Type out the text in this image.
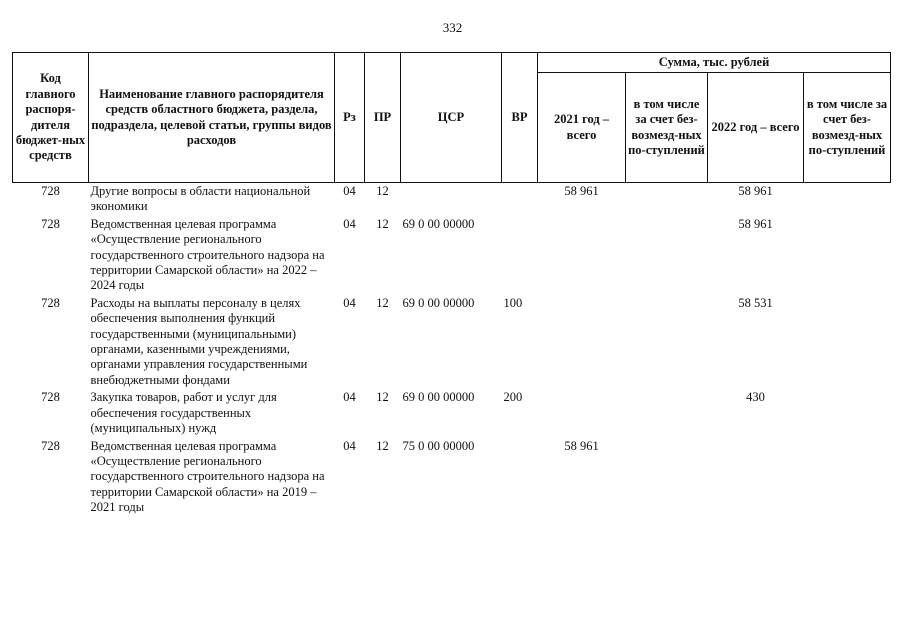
332
Код главного распоря-дителя бюджет-ных средств	Наименование главного распорядителя средств областного бюджета, раздела, подраздела, целевой статьи, группы видов расходов	Рз	ПР	ЦСР	ВР	Сумма, тыс. рублей			
						2021 год – всего	в том числе за счет без-возмезд-ных по-ступлений	2022 год – всего	в том числе за счет без-возмезд-ных по-ступлений
728	Другие вопросы в области национальной экономики	04	12			58 961		58 961	
728	Ведомственная целевая программа «Осуществление регионального государственного строительного надзора на территории Самарской области» на 2022 – 2024 годы	04	12	69 0 00 00000				58 961	
728	Расходы на выплаты персоналу в целях обеспечения выполнения функций государственными (муниципальными) органами, казенными учреждениями, органами управления государственными внебюджетными фондами	04	12	69 0 00 00000	100			58 531	
728	Закупка товаров, работ и услуг для обеспечения государственных (муниципальных) нужд	04	12	69 0 00 00000	200			430	
728	Ведомственная целевая программа «Осуществление регионального государственного строительного надзора на территории Самарской области» на 2019 – 2021 годы	04	12	75 0 00 00000		58 961			
